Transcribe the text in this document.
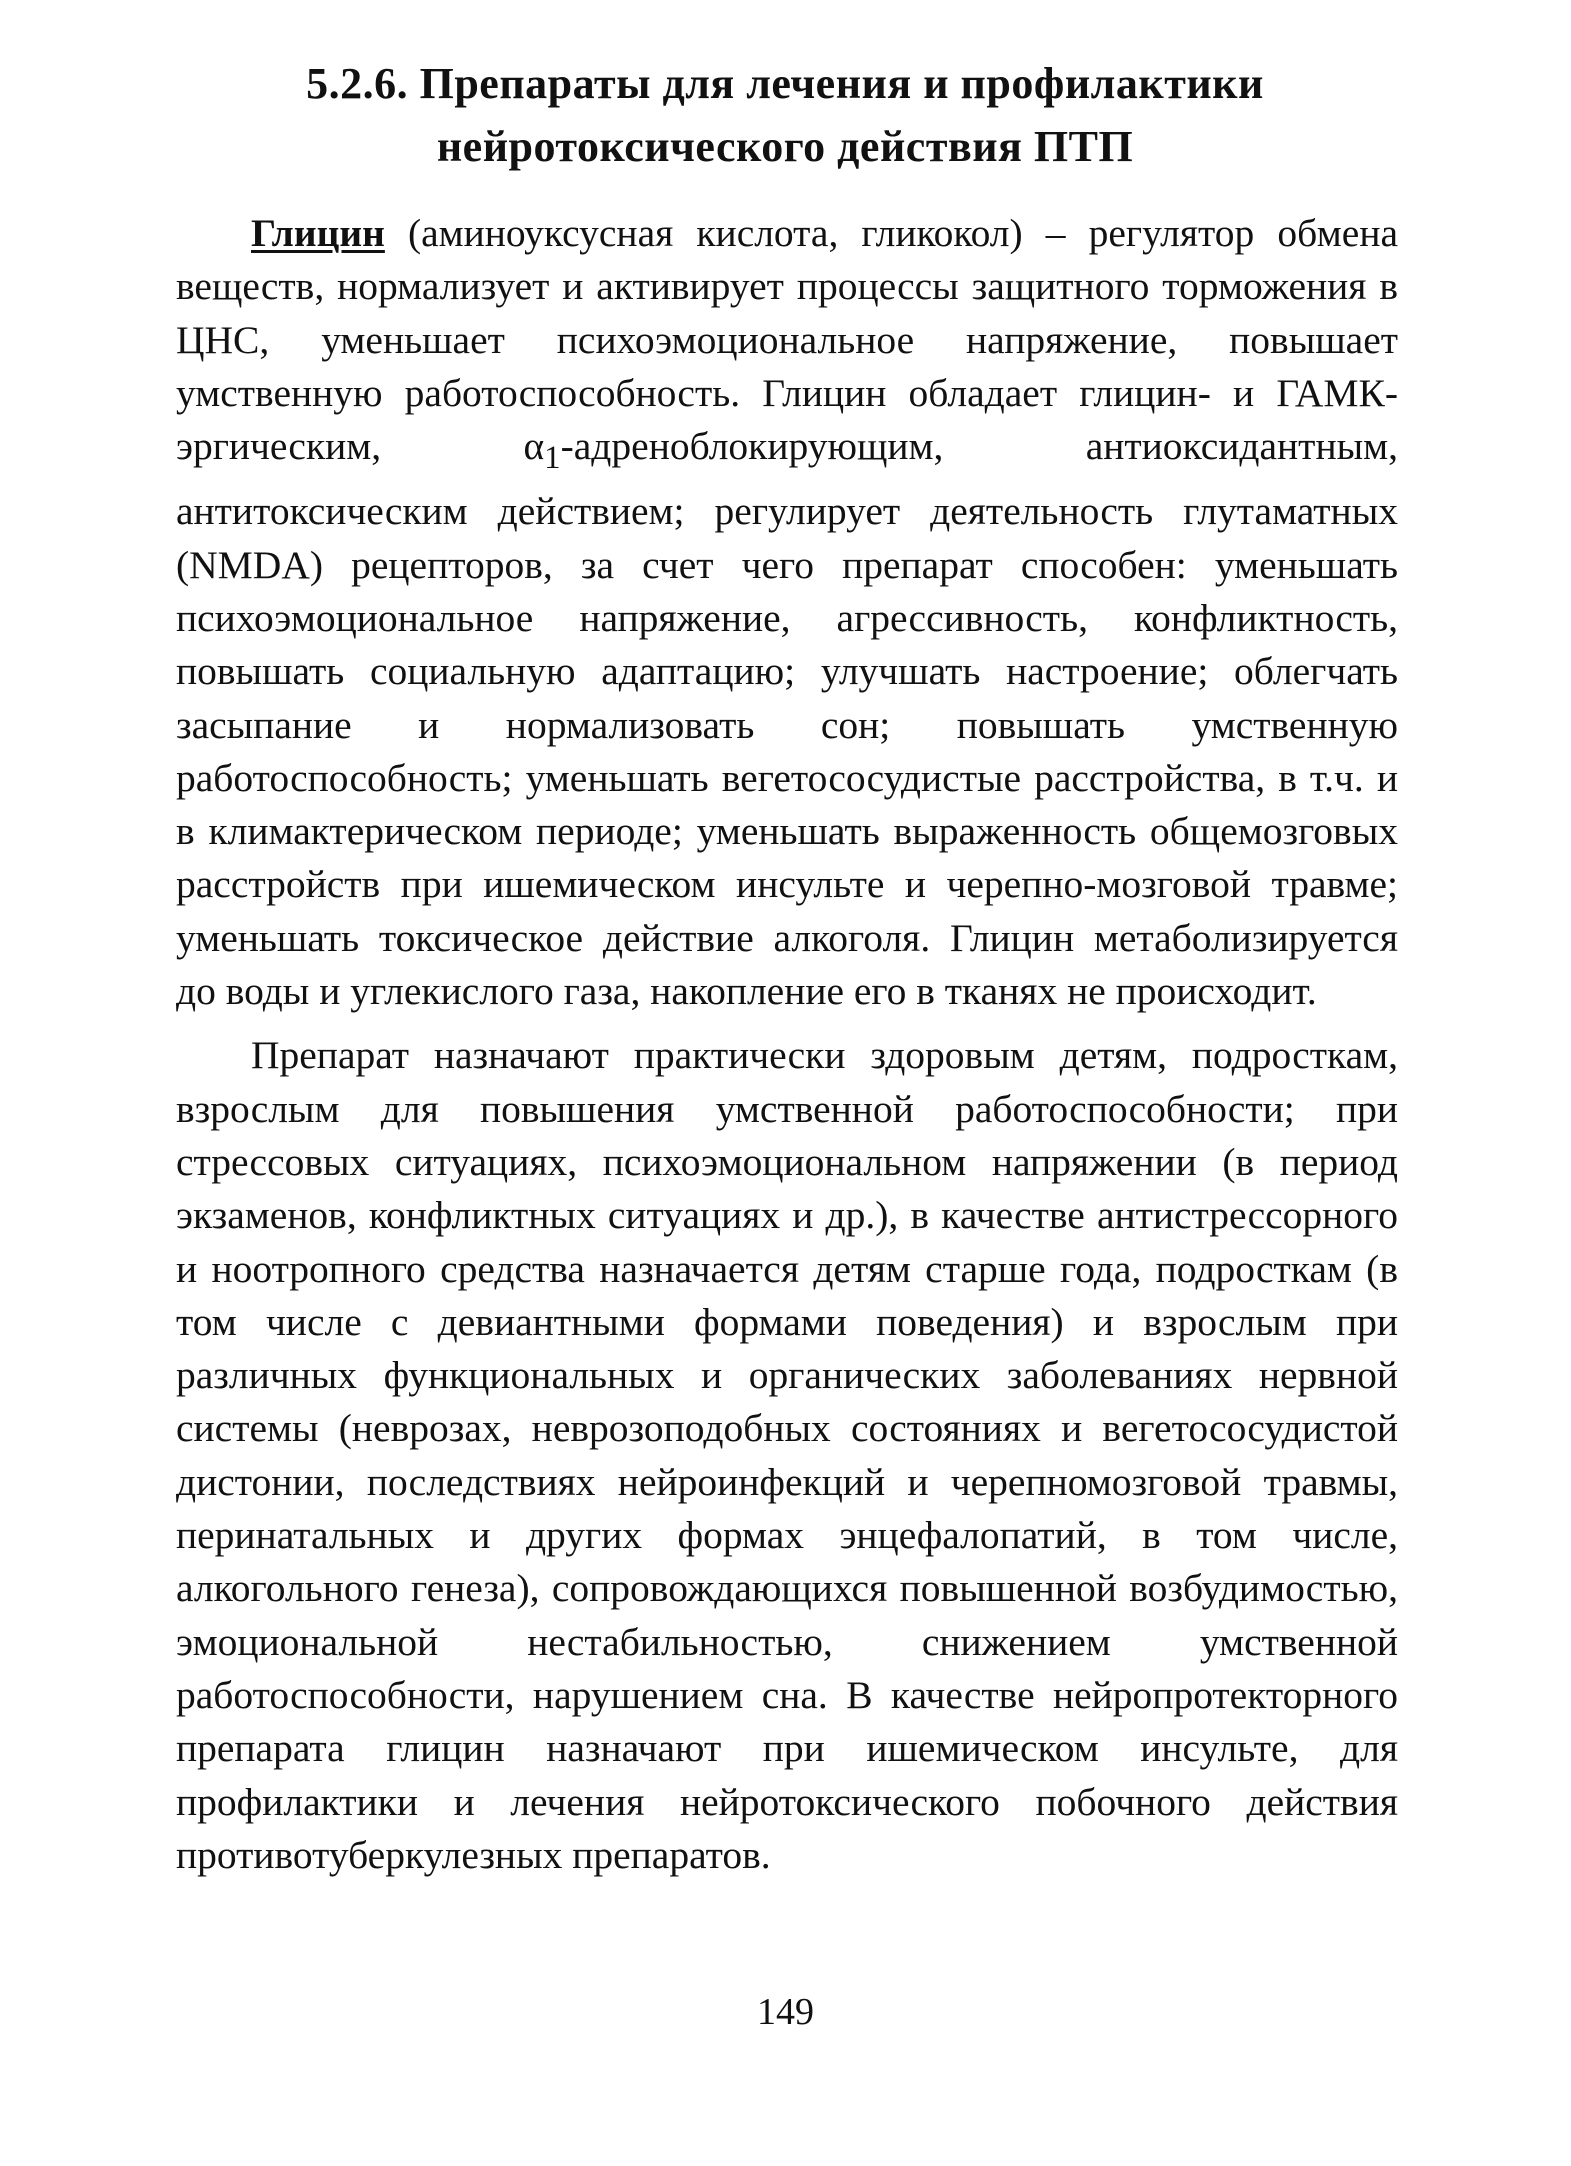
5.2.6. Препараты для лечения и профилактики
нейротоксического действия ПТП

Глицин (аминоуксусная кислота, гликокол) – регулятор обмена веществ, нормализует и активирует процессы защитного торможения в ЦНС, уменьшает психоэмоциональное напряжение, повышает умственную работоспособность. Глицин обладает глицин- и ГАМК-эргическим, $\alpha_1$-адреноблокирующим, антиоксидантным, антитоксическим действием; регулирует деятельность глутаматных (NMDA) рецепторов, за счет чего препарат способен: уменьшать психоэмоциональное напряжение, агрессивность, конфликтность, повышать социальную адаптацию; улучшать настроение; облегчать засыпание и нормализовать сон; повышать умственную работоспособность; уменьшать вегетососудистые расстройства, в т.ч. и в климактерическом периоде; уменьшать выраженность общемозговых расстройств при ишемическом инсульте и черепно-мозговой травме; уменьшать токсическое действие алкоголя. Глицин метаболизируется до воды и углекислого газа, накопление его в тканях не происходит.

Препарат назначают практически здоровым детям, подросткам, взрослым для повышения умственной работоспособности; при стрессовых ситуациях, психоэмоциональном напряжении (в период экзаменов, конфликтных ситуациях и др.), в качестве антистрессорного и ноотропного средства назначается детям старше года, подросткам (в том числе с девиантными формами поведения) и взрослым при различных функциональных и органических заболеваниях нервной системы (неврозах, неврозоподобных состояниях и вегетососудистой дистонии, последствиях нейроинфекций и черепномозговой травмы, перинатальных и других формах энцефалопатий, в том числе, алкогольного генеза), сопровождающихся повышенной возбудимостью, эмоциональной нестабильностью, снижением умственной работоспособности, нарушением сна. В качестве нейропротекторного препарата глицин назначают при ишемическом инсульте, для профилактики и лечения нейротоксического побочного действия противотуберкулезных препаратов.

149
